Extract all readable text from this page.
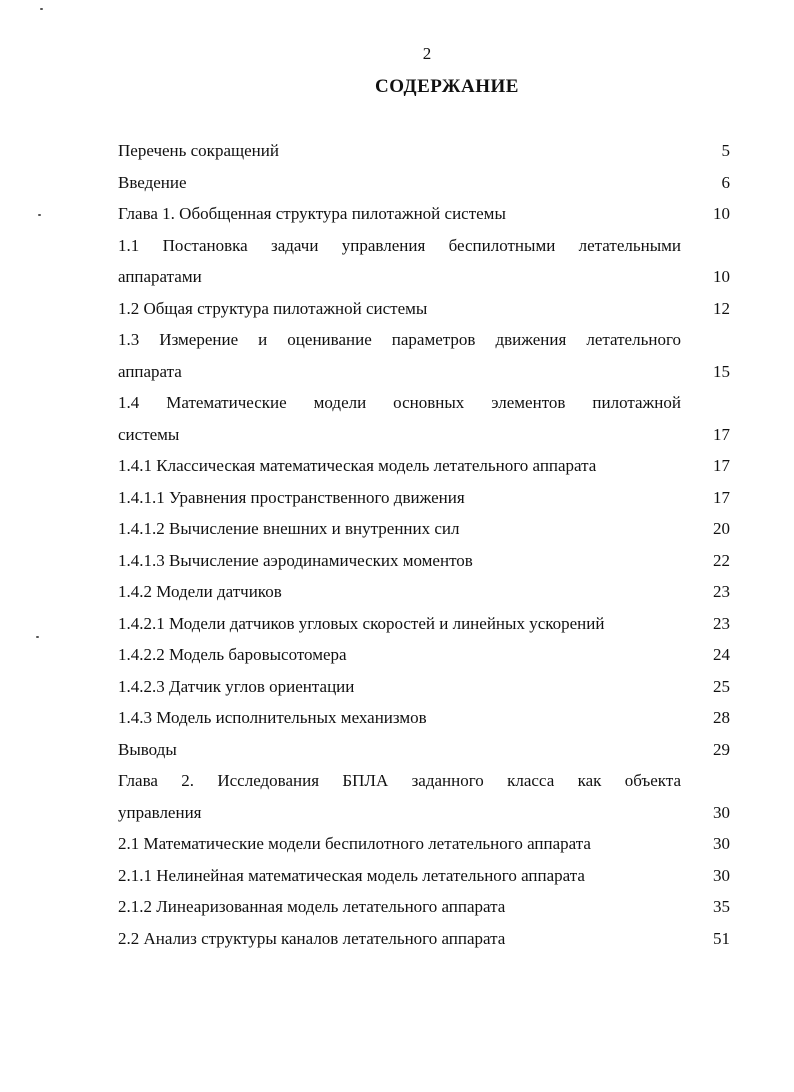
2
СОДЕРЖАНИЕ
Перечень сокращений	5
Введение	6
Глава 1. Обобщенная структура пилотажной системы	10
1.1 Постановка задачи управления беспилотными летательными
аппаратами	10
1.2 Общая структура пилотажной системы	12
1.3 Измерение и оценивание параметров движения летательного
аппарата	15
1.4 Математические модели основных элементов пилотажной
системы	17
1.4.1 Классическая математическая модель летательного аппарата	17
1.4.1.1 Уравнения пространственного движения	17
1.4.1.2 Вычисление внешних и внутренних сил	20
1.4.1.3 Вычисление аэродинамических моментов	22
1.4.2 Модели датчиков	23
1.4.2.1 Модели датчиков угловых скоростей и линейных ускорений	23
1.4.2.2 Модель баровысотомера	24
1.4.2.3 Датчик углов ориентации	25
1.4.3 Модель исполнительных механизмов	28
Выводы	29
Глава 2. Исследования БПЛА заданного класса как объекта
управления	30
2.1 Математические модели беспилотного летательного аппарата	30
2.1.1 Нелинейная математическая модель летательного аппарата	30
2.1.2 Линеаризованная модель летательного аппарата	35
2.2 Анализ структуры каналов летательного аппарата	51
